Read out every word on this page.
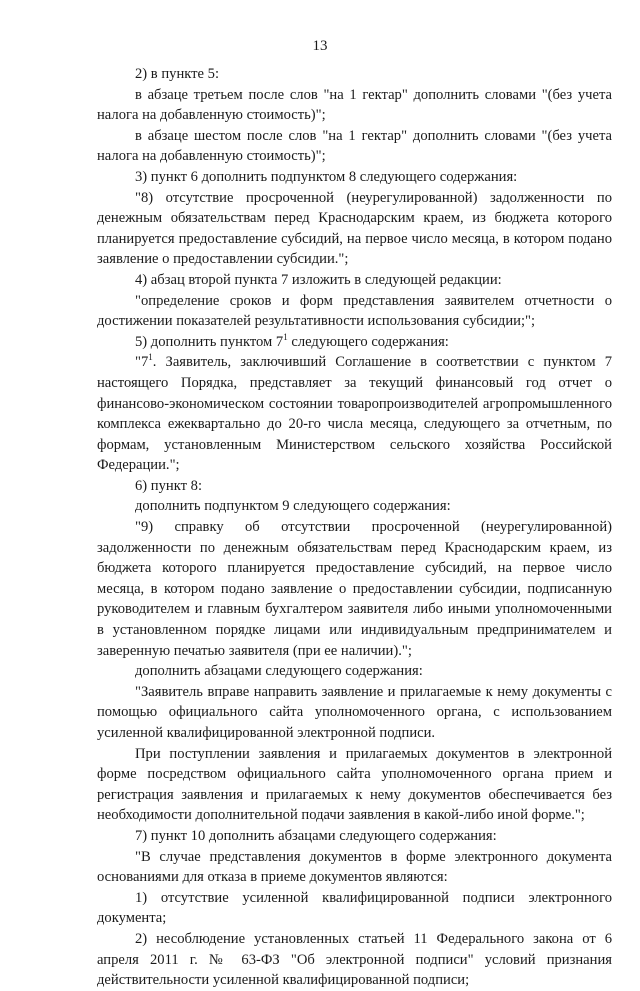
13

2) в пункте 5:

в абзаце третьем после слов "на 1 гектар" дополнить словами "(без учета налога на добавленную стоимость)";

в абзаце шестом после слов "на 1 гектар" дополнить словами "(без учета налога на добавленную стоимость)";

3) пункт 6 дополнить подпунктом 8 следующего содержания:

"8) отсутствие просроченной (неурегулированной) задолженности по денежным обязательствам перед Краснодарским краем, из бюджета которого планируется предоставление субсидий, на первое число месяца, в котором подано заявление о предоставлении субсидии.";

4) абзац второй пункта 7 изложить в следующей редакции:

"определение сроков и форм представления заявителем отчетности о достижении показателей результативности использования субсидии;";

5) дополнить пунктом $7^1$ следующего содержания:

"$7^1$. Заявитель, заключивший Соглашение в соответствии с пунктом 7 настоящего Порядка, представляет за текущий финансовый год отчет о финансово-экономическом состоянии товаропроизводителей агропромышленного комплекса ежеквартально до 20-го числа месяца, следующего за отчетным, по формам, установленным Министерством сельского хозяйства Российской Федерации.";

6) пункт 8:

дополнить подпунктом 9 следующего содержания:

"9) справку об отсутствии просроченной (неурегулированной) задолженности по денежным обязательствам перед Краснодарским краем, из бюджета которого планируется предоставление субсидий, на первое число месяца, в котором подано заявление о предоставлении субсидии, подписанную руководителем и главным бухгалтером заявителя либо иными уполномоченными в установленном порядке лицами или индивидуальным предпринимателем и заверенную печатью заявителя (при ее наличии).";

дополнить абзацами следующего содержания:

"Заявитель вправе направить заявление и прилагаемые к нему документы с помощью официального сайта уполномоченного органа, с использованием усиленной квалифицированной электронной подписи.

При поступлении заявления и прилагаемых документов в электронной форме посредством официального сайта уполномоченного органа прием и регистрация заявления и прилагаемых к нему документов обеспечивается без необходимости дополнительной подачи заявления в какой-либо иной форме.";

7) пункт 10 дополнить абзацами следующего содержания:

"В случае представления документов в форме электронного документа основаниями для отказа в приеме документов являются:

1) отсутствие усиленной квалифицированной подписи электронного документа;

2) несоблюдение установленных статьей 11 Федерального закона от 6 апреля 2011 г. № 63-ФЗ "Об электронной подписи" условий признания действительности усиленной квалифицированной подписи;
